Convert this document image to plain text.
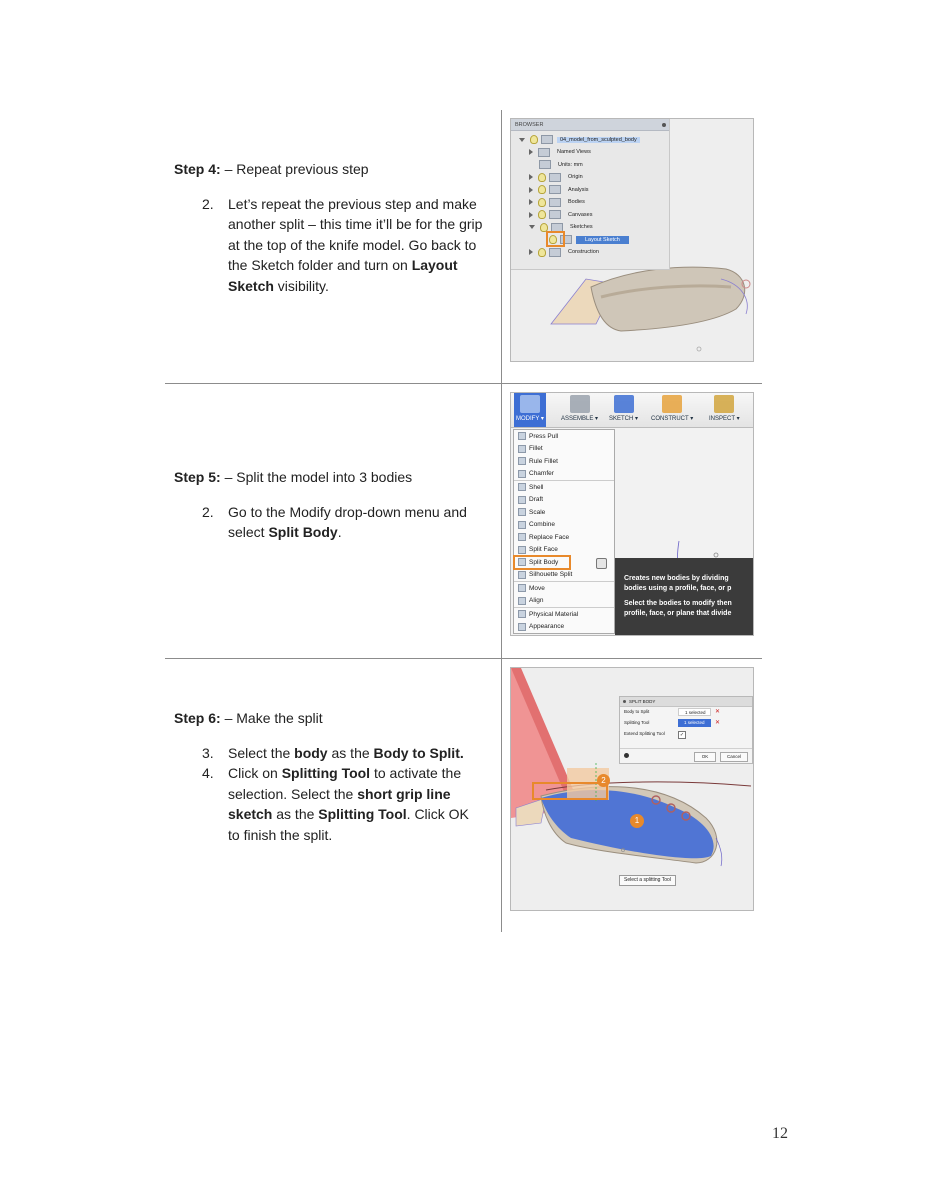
Step 4: – Repeat previous step
2. Let’s repeat the previous step and make another split – this time it’ll be for the grip at the top of the knife model. Go back to the Sketch folder and turn on Layout Sketch visibility.
Step 5: – Split the model into 3 bodies
2. Go to the Modify drop-down menu and select Split Body.
Step 6: – Make the split
3. Select the body as the Body to Split.
4. Click on Splitting Tool to activate the selection. Select the short grip line sketch as the Splitting Tool. Click OK to finish the split.
BROWSER
04_model_from_sculpted_body
Named Views
Units: mm
Origin
Analysis
Bodies
Canvases
Sketches
Layout Sketch
Construction
MODIFY ▾	ASSEMBLE ▾ SKETCH ▾ CONSTRUCT ▾	INSPECT ▾
Press Pull
Fillet
Rule Fillet
Chamfer
Shell
Draft
Scale
Combine
Replace Face
Split Face
Split Body
Silhouette Split
Move
Align
Physical Material
Appearance
Creates new bodies by dividing
bodies using a profile, face, or p
Select the bodies to modify then
profile, face, or plane that divide
1
2
SPLIT BODY
Body to Split	1 selected	✕
Splitting Tool	1 selected	✕
Extend Splitting Tool	✓
OK	Cancel
Select a splitting Tool
12
